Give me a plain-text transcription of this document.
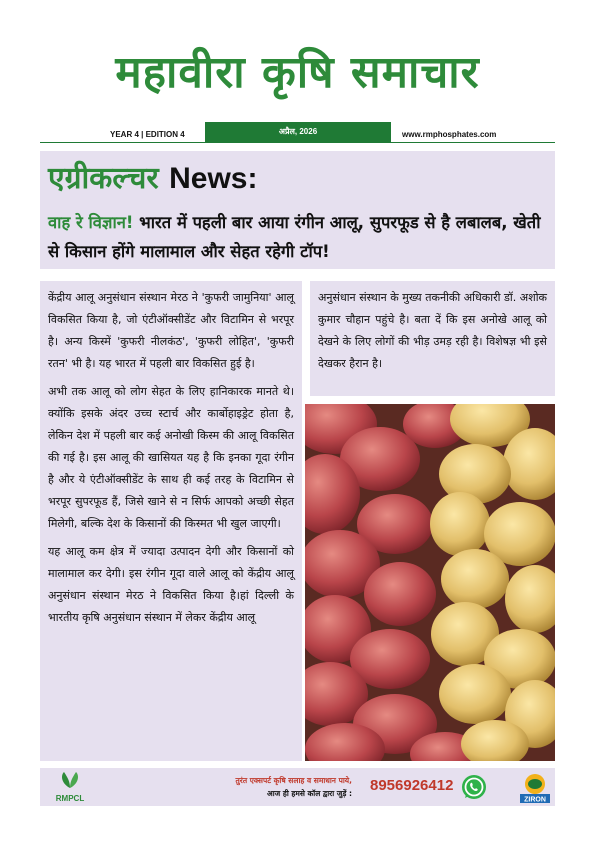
महावीरा कृषि समाचार
YEAR 4 | EDITION 4	अप्रैल, 2026	www.rmphosphates.com
एग्रीकल्चर News:
वाह रे विज्ञान! भारत में पहली बार आया रंगीन आलू, सुपरफूड से है लबालब, खेती से किसान होंगे मालामाल और सेहत रहेगी टॉप!

केंद्रीय आलू अनुसंधान संस्थान मेरठ ने 'कुफरी जामुनिया' आलू विकसित किया है, जो एंटीऑक्सीडेंट और विटामिन से भरपूर है। अन्य किस्में 'कुफरी नीलकंठ', 'कुफरी लोहित', 'कुफरी रतन' भी है। यह भारत में पहली बार विकसित हुई है।

अभी तक आलू को लोग सेहत के लिए हानिकारक मानते थे। क्योंकि इसके अंदर उच्च स्टार्च और कार्बोहाइड्रेट होता है, लेकिन देश में पहली बार कई अनोखी किस्म की आलू विकसित की गई है। इस आलू की खासियत यह है कि इनका गूदा रंगीन है और ये एंटीऑक्सीडेंट के साथ ही कई तरह के विटामिन से भरपूर सुपरफूड हैं, जिसे खाने से न सिर्फ आपको अच्छी सेहत मिलेगी, बल्कि देश के किसानों की किस्मत भी खुल जाएगी।

यह आलू कम क्षेत्र में ज्यादा उत्पादन देगी और किसानों को मालामाल कर देगी। इस रंगीन गूदा वाले आलू को केंद्रीय आलू अनुसंधान संस्थान मेरठ ने विकसित किया है।हां दिल्ली के भारतीय कृषि अनुसंधान संस्थान में लेकर केंद्रीय आलू

अनुसंधान संस्थान के मुख्य तकनीकी अधिकारी डॉ. अशोक कुमार चौहान पहुंचे है। बता दें कि इस अनोखे आलू को देखने के लिए लोगों की भीड़ उमड़ रही है। विशेषज्ञ भी इसे देखकर हैरान है।

RMPCL
तुरंत एक्सपर्ट कृषि सलाह व समाधान पाये,
आज ही हमसे कॉल द्वारा जुड़ें : 8956926412
ZIRON
